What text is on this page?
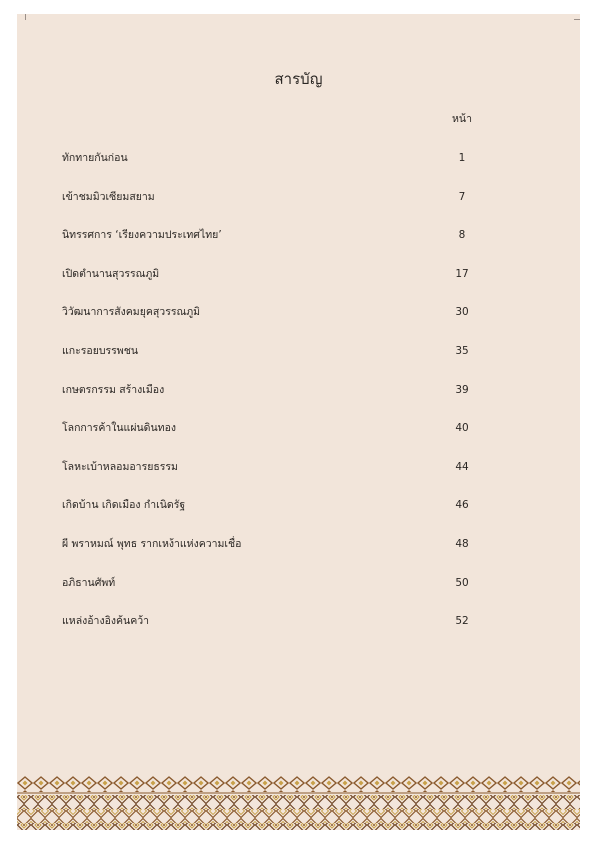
สารบัญ
หน้า
ทักทายกันก่อน	1
เข้าชมมิวเซียมสยาม	7
นิทรรศการ ‘เรียงความประเทศไทย’	8
เปิดตำนานสุวรรณภูมิ	17
วิวัฒนาการสังคมยุคสุวรรณภูมิ	30
แกะรอยบรรพชน	35
เกษตรกรรม สร้างเมือง	39
โลกการค้าในแผ่นดินทอง	40
โลหะเบ้าหลอมอารยธรรม	44
เกิดบ้าน เกิดเมือง กำเนิดรัฐ	46
ผี พราหมณ์ พุทธ รากเหง้าแห่งความเชื่อ	48
อภิธานศัพท์	50
แหล่งอ้างอิงค้นคว้า	52
